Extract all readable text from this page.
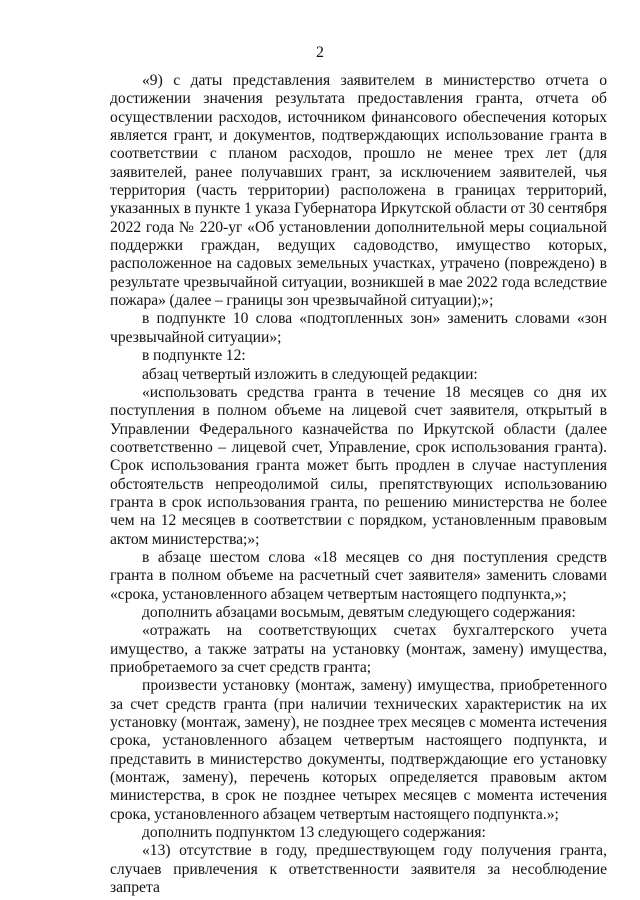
2

«9) с даты представления заявителем в министерство отчета о достижении значения результата предоставления гранта, отчета об осуществлении расходов, источником финансового обеспечения которых является грант, и документов, подтверждающих использование гранта в соответствии с планом расходов, прошло не менее трех лет (для заявителей, ранее получавших грант, за исключением заявителей, чья территория (часть территории) расположена в границах территорий, указанных в пункте 1 указа Губернатора Иркутской области от 30 сентября 2022 года № 220-уг «Об установлении дополнительной меры социальной поддержки граждан, ведущих садоводство, имущество которых, расположенное на садовых земельных участках, утрачено (повреждено) в результате чрезвычайной ситуации, возникшей в мае 2022 года вследствие пожара» (далее – границы зон чрезвычайной ситуации);»;

в подпункте 10 слова «подтопленных зон» заменить словами «зон чрезвычайной ситуации»;

в подпункте 12:

абзац четвертый изложить в следующей редакции:

«использовать средства гранта в течение 18 месяцев со дня их поступления в полном объеме на лицевой счет заявителя, открытый в Управлении Федерального казначейства по Иркутской области (далее соответственно – лицевой счет, Управление, срок использования гранта). Срок использования гранта может быть продлен в случае наступления обстоятельств непреодолимой силы, препятствующих использованию гранта в срок использования гранта, по решению министерства не более чем на 12 месяцев в соответствии с порядком, установленным правовым актом министерства;»;

в абзаце шестом слова «18 месяцев со дня поступления средств гранта в полном объеме на расчетный счет заявителя» заменить словами «срока, установленного абзацем четвертым настоящего подпункта,»;

дополнить абзацами восьмым, девятым следующего содержания:

«отражать на соответствующих счетах бухгалтерского учета имущество, а также затраты на установку (монтаж, замену) имущества, приобретаемого за счет средств гранта;

произвести установку (монтаж, замену) имущества, приобретенного за счет средств гранта (при наличии технических характеристик на их установку (монтаж, замену), не позднее трех месяцев с момента истечения срока, установленного абзацем четвертым настоящего подпункта, и представить в министерство документы, подтверждающие его установку (монтаж, замену), перечень которых определяется правовым актом министерства, в срок не позднее четырех месяцев с момента истечения срока, установленного абзацем четвертым настоящего подпункта.»;

дополнить подпунктом 13 следующего содержания:

«13) отсутствие в году, предшествующем году получения гранта, случаев привлечения к ответственности заявителя за несоблюдение запрета
